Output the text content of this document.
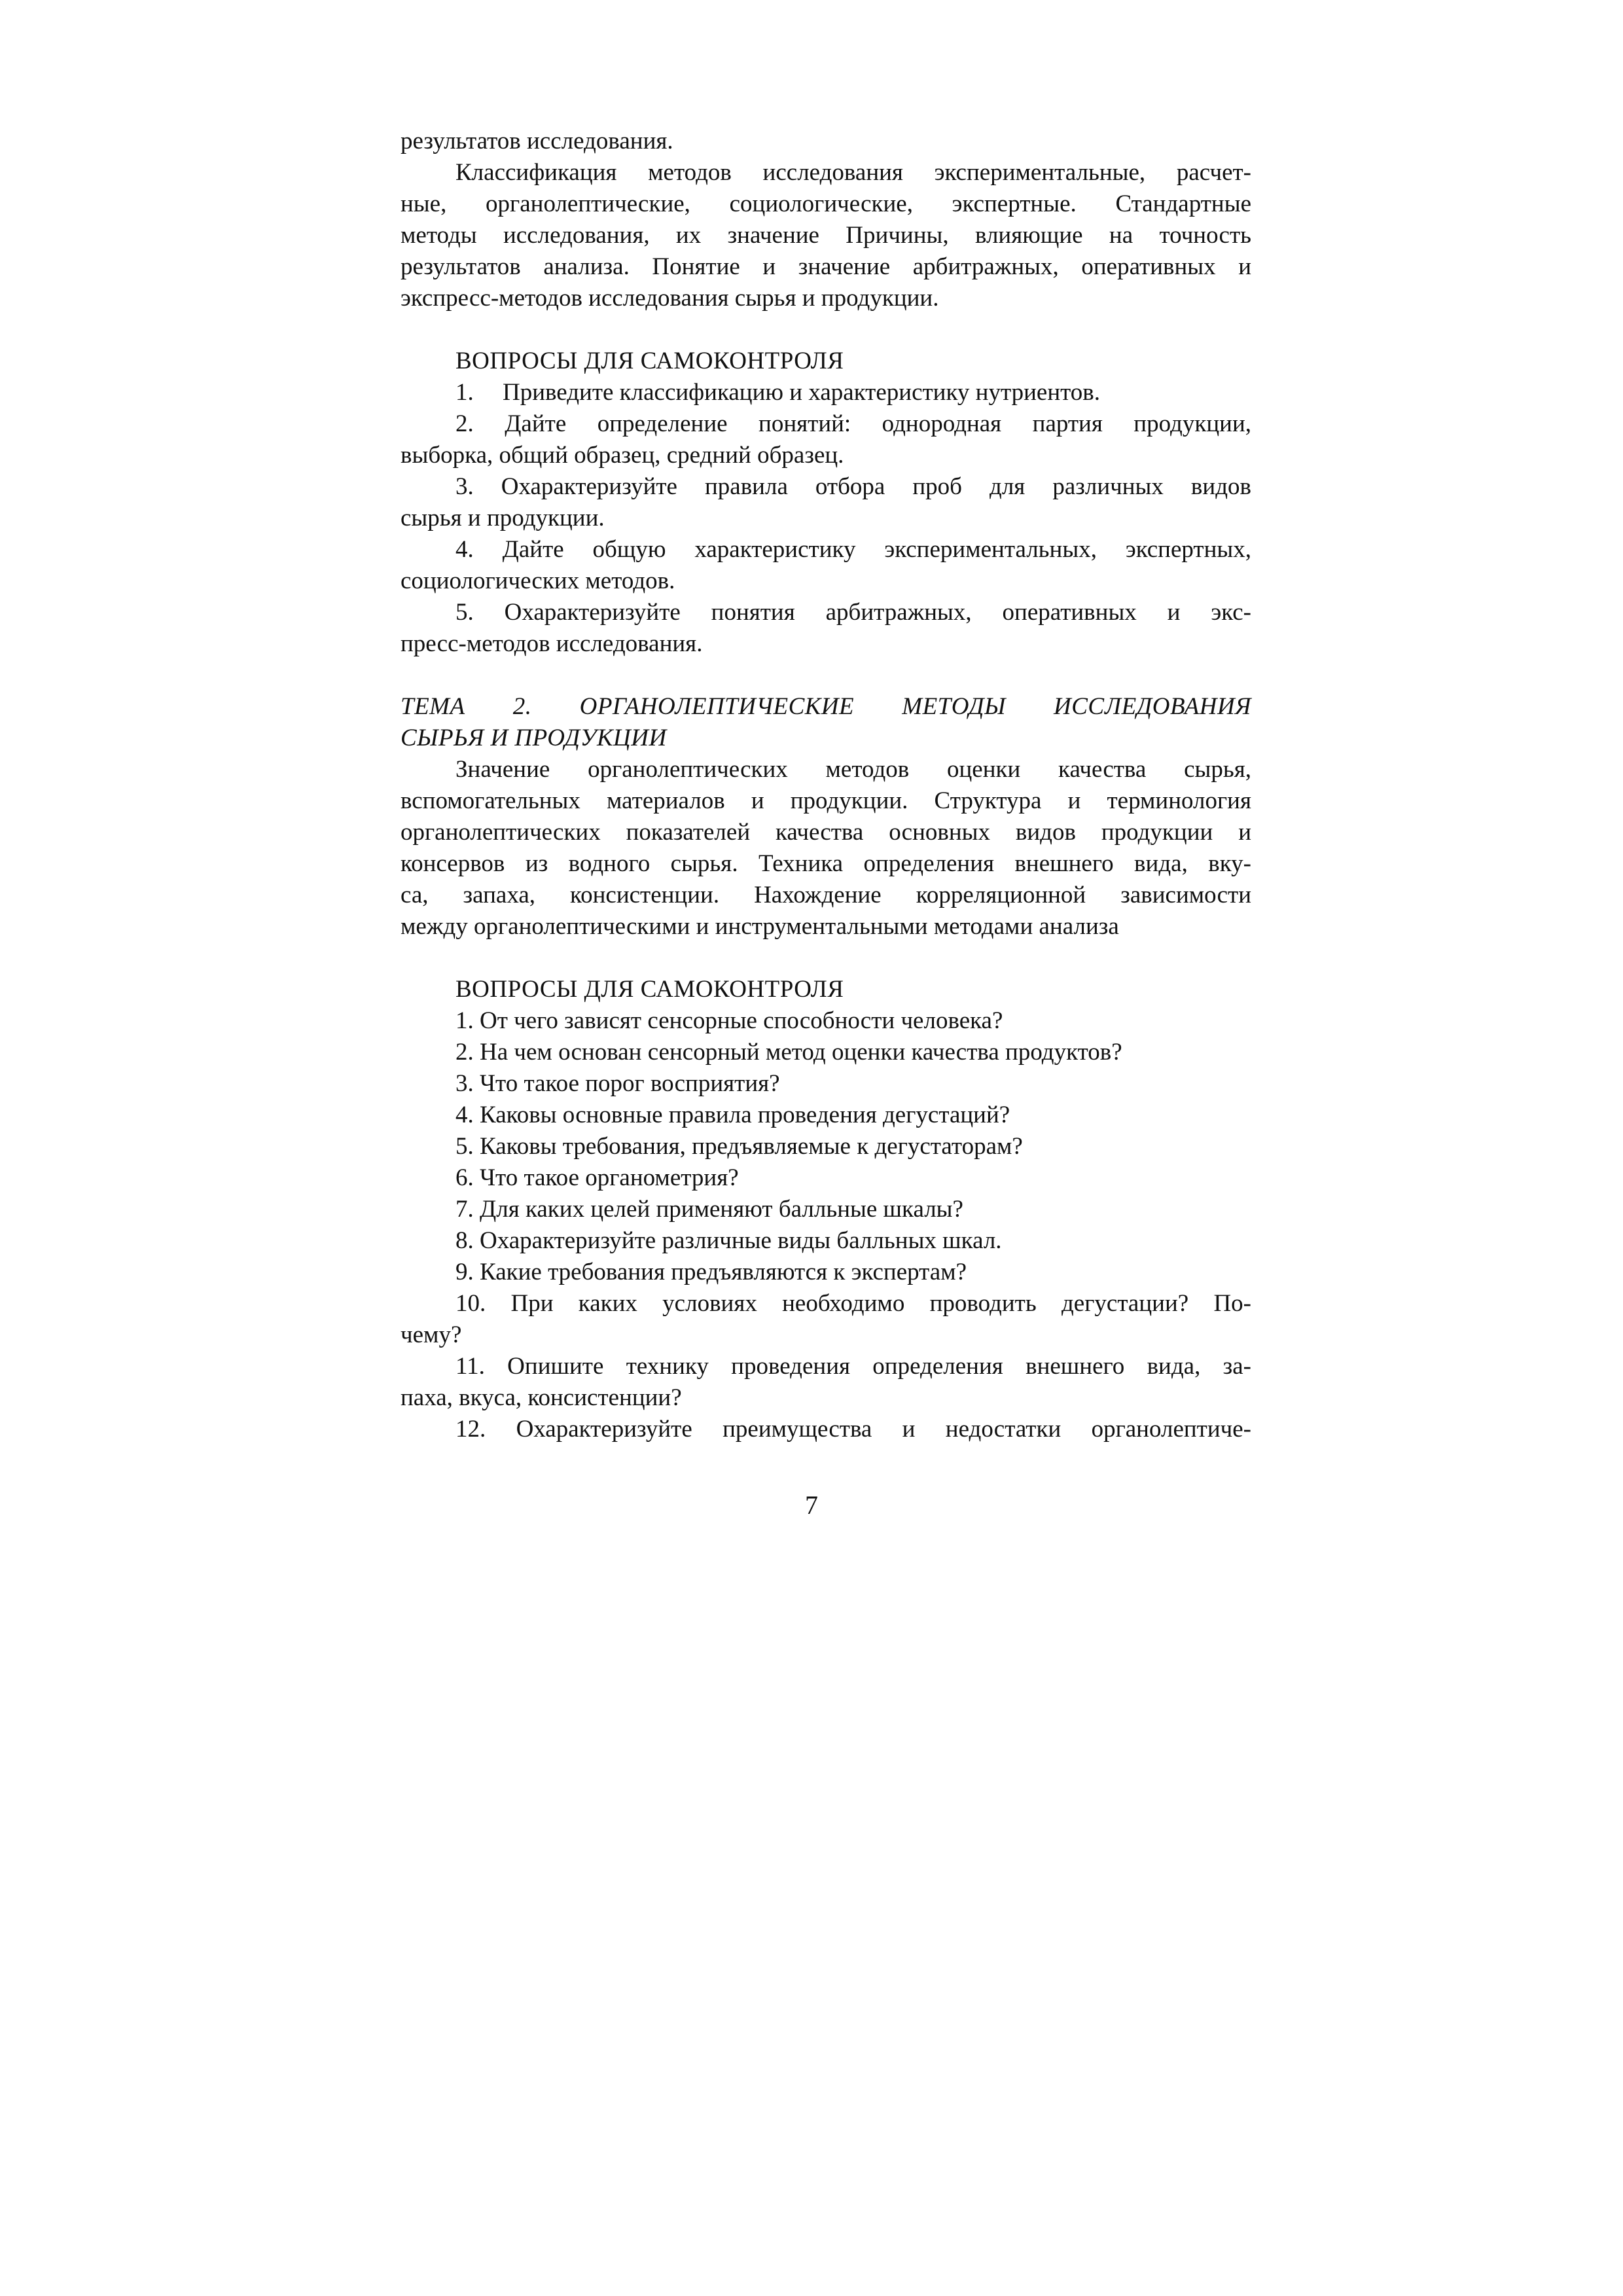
результатов исследования.

Классификация методов исследования экспериментальные, расчет-

ные, органолептические, социологические, экспертные. Стандартные

методы исследования, их значение Причины, влияющие на точность

результатов анализа. Понятие и значение арбитражных, оперативных и

экспресс-методов исследования сырья и продукции.

ВОПРОСЫ ДЛЯ САМОКОНТРОЛЯ

1.	Приведите классификацию и характеристику нутриентов.

2. Дайте определение понятий: однородная партия продукции,

выборка, общий образец, средний образец.

3. Охарактеризуйте правила отбора проб для различных видов

сырья и продукции.

4. Дайте общую характеристику экспериментальных, экспертных,

социологических методов.

5. Охарактеризуйте понятия арбитражных, оперативных и экс-

пресс-методов исследования.

ТЕМА 2. ОРГАНОЛЕПТИЧЕСКИЕ МЕТОДЫ ИССЛЕДОВАНИЯ

СЫРЬЯ И ПРОДУКЦИИ

Значение органолептических методов оценки качества сырья,

вспомогательных материалов и продукции. Структура и терминология

органолептических показателей качества основных видов продукции и

консервов из водного сырья. Техника определения внешнего вида, вку-

са, запаха, консистенции. Нахождение корреляционной зависимости

между органолептическими и инструментальными методами анализа

ВОПРОСЫ ДЛЯ САМОКОНТРОЛЯ

1. От чего зависят сенсорные способности человека?

2. На чем основан сенсорный метод оценки качества продуктов?

3. Что такое порог восприятия?

4. Каковы основные правила проведения дегустаций?

5. Каковы требования, предъявляемые к дегустаторам?

6. Что такое органометрия?

7. Для каких целей применяют балльные шкалы?

8. Охарактеризуйте различные виды балльных шкал.

9. Какие требования предъявляются к экспертам?

10. При каких условиях необходимо проводить дегустации? По-

чему?

11. Опишите технику проведения определения внешнего вида, за-

паха, вкуса, консистенции?

12. Охарактеризуйте преимущества и недостатки органолептиче-

7
